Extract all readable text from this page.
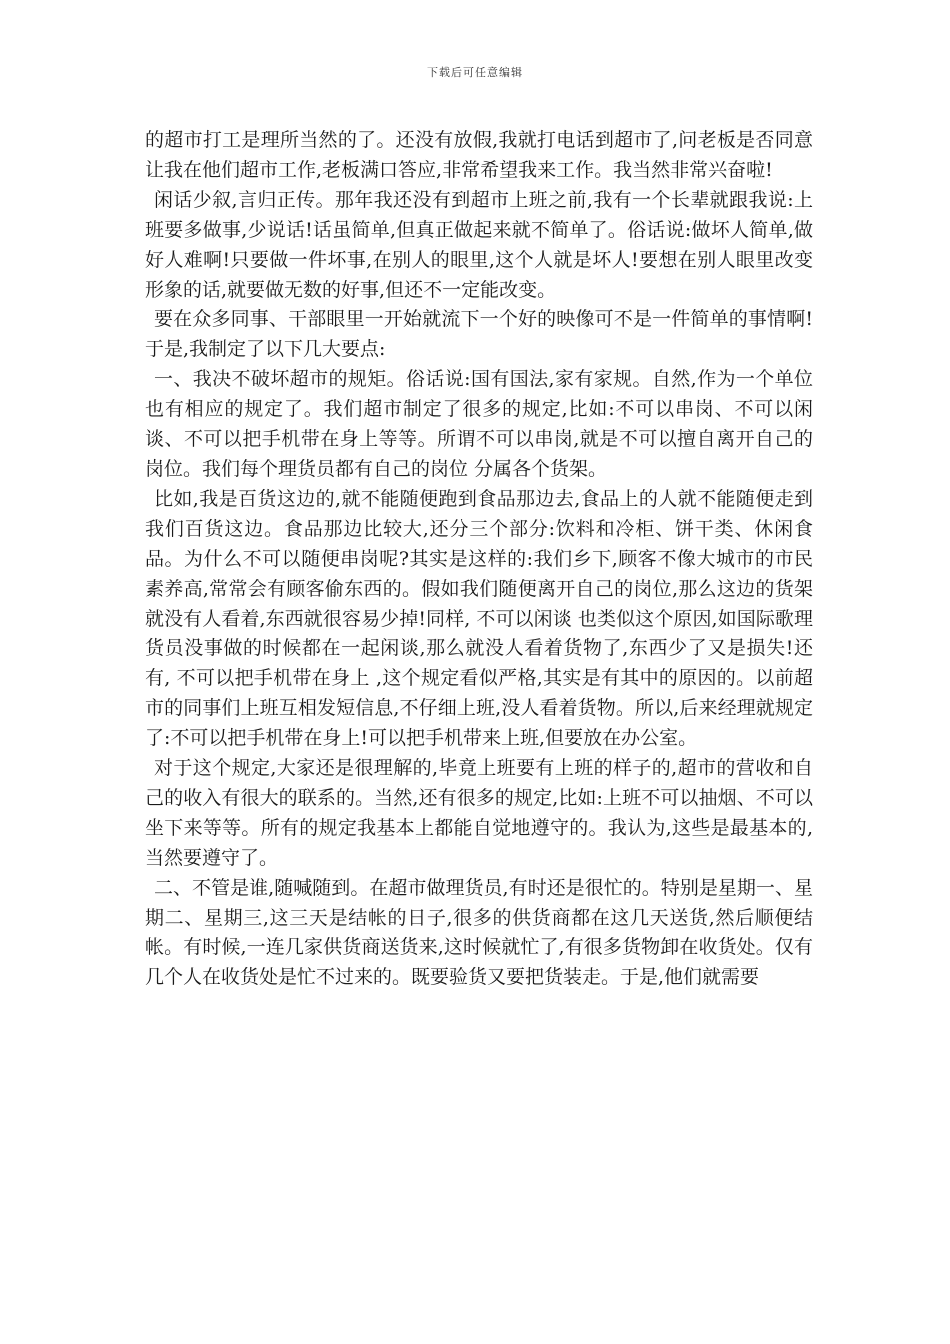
下载后可任意编辑

的超市打工是理所当然的了。还没有放假,我就打电话到超市了,问老板是否同意让我在他们超市工作,老板满口答应,非常希望我来工作。我当然非常兴奋啦!

闲话少叙,言归正传。那年我还没有到超市上班之前,我有一个长辈就跟我说:上班要多做事,少说话!话虽简单,但真正做起来就不简单了。俗话说:做坏人简单,做好人难啊!只要做一件坏事,在别人的眼里,这个人就是坏人!要想在别人眼里改变形象的话,就要做无数的好事,但还不一定能改变。

要在众多同事、干部眼里一开始就流下一个好的映像可不是一件简单的事情啊!于是,我制定了以下几大要点:

一、我决不破坏超市的规矩。俗话说:国有国法,家有家规。自然,作为一个单位也有相应的规定了。我们超市制定了很多的规定,比如:不可以串岗、不可以闲谈、不可以把手机带在身上等等。所谓不可以串岗,就是不可以擅自离开自己的岗位。我们每个理货员都有自己的岗位 分属各个货架。

比如,我是百货这边的,就不能随便跑到食品那边去,食品上的人就不能随便走到我们百货这边。食品那边比较大,还分三个部分:饮料和冷柜、饼干类、休闲食品。为什么不可以随便串岗呢?其实是这样的:我们乡下,顾客不像大城市的市民素养高,常常会有顾客偷东西的。假如我们随便离开自己的岗位,那么这边的货架就没有人看着,东西就很容易少掉!同样, 不可以闲谈 也类似这个原因,如国际歌理货员没事做的时候都在一起闲谈,那么就没人看着货物了,东西少了又是损失!还有, 不可以把手机带在身上 ,这个规定看似严格,其实是有其中的原因的。以前超市的同事们上班互相发短信息,不仔细上班,没人看着货物。所以,后来经理就规定了:不可以把手机带在身上!可以把手机带来上班,但要放在办公室。

对于这个规定,大家还是很理解的,毕竟上班要有上班的样子的,超市的营收和自己的收入有很大的联系的。当然,还有很多的规定,比如:上班不可以抽烟、不可以坐下来等等。所有的规定我基本上都能自觉地遵守的。我认为,这些是最基本的,当然要遵守了。

二、不管是谁,随喊随到。在超市做理货员,有时还是很忙的。特别是星期一、星期二、星期三,这三天是结帐的日子,很多的供货商都在这几天送货,然后顺便结帐。有时候,一连几家供货商送货来,这时候就忙了,有很多货物卸在收货处。仅有几个人在收货处是忙不过来的。既要验货又要把货装走。于是,他们就需要
